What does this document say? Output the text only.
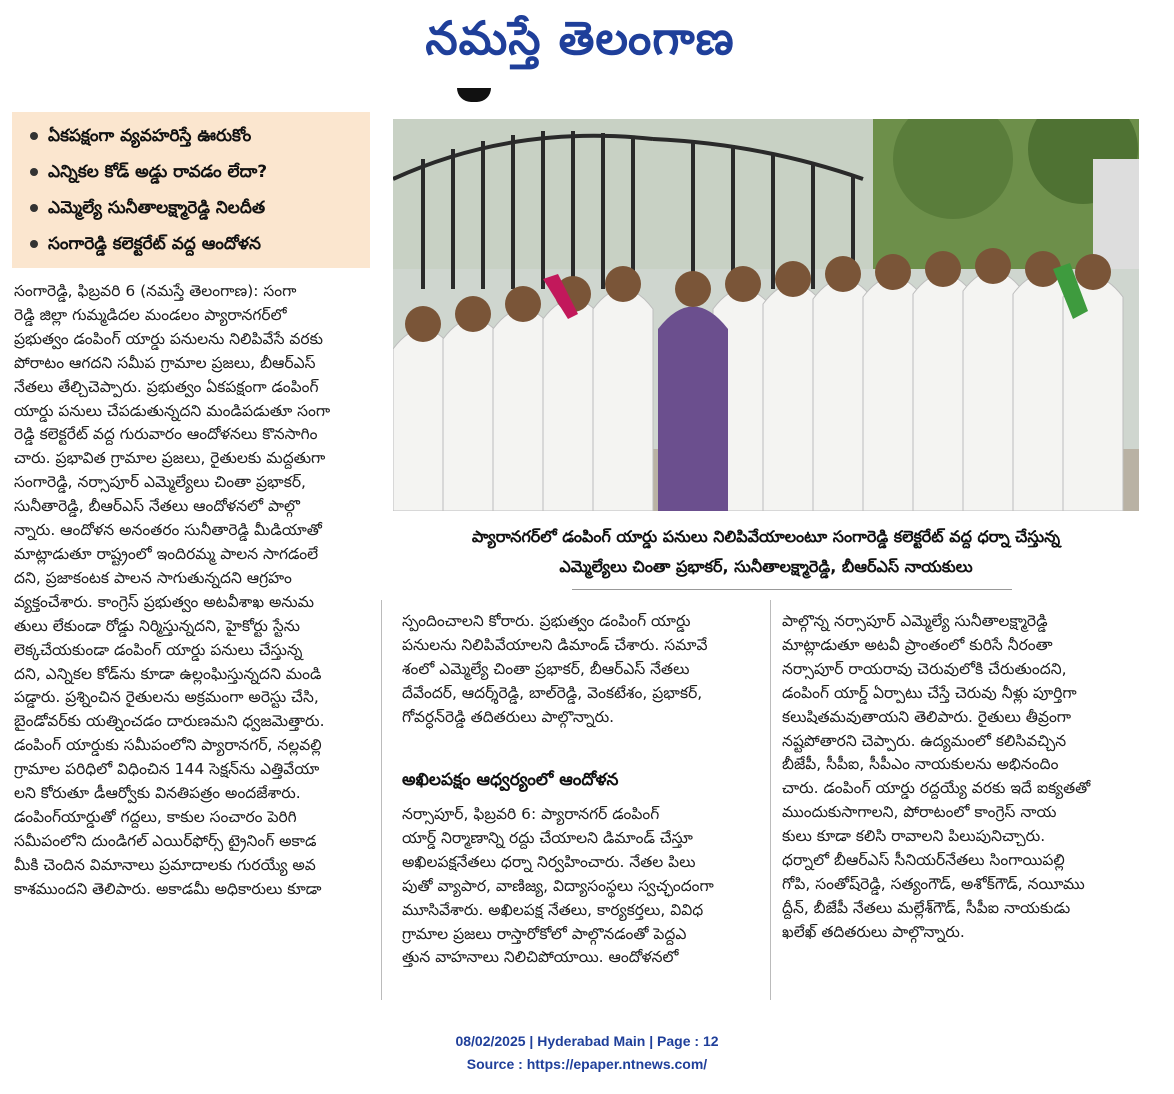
నమస్తే తెలంగాణ
ఏకపక్షంగా వ్యవహరిస్తే ఊరుకోం
ఎన్నికల కోడ్ అడ్డు రావడం లేదా?
ఎమ్మెల్యే సునీతాలక్ష్మారెడ్డి నిలదీత
సంగారెడ్డి కలెక్టరేట్ వద్ద ఆందోళన
ప్యారానగర్‌లో డంపింగ్ యార్డు పనులు నిలిపివేయాలంటూ సంగారెడ్డి కలెక్టరేట్ వద్ద ధర్నా చేస్తున్న
ఎమ్మెల్యేలు చింతా ప్రభాకర్, సునీతాలక్ష్మారెడ్డి, బీఆర్‌ఎస్ నాయకులు

సంగారెడ్డి, ఫిబ్రవరి 6 (నమస్తే తెలంగాణ): సంగా

రెడ్డి జిల్లా గుమ్మడిదల మండలం ప్యారానగర్‌లో

ప్రభుత్వం డంపింగ్ యార్డు పనులను నిలిపివేసే వరకు

పోరాటం ఆగదని సమీప గ్రామాల ప్రజలు, బీఆర్‌ఎస్

నేతలు తేల్చిచెప్పారు. ప్రభుత్వం ఏకపక్షంగా డంపింగ్

యార్డు పనులు చేపడుతున్నదని మండిపడుతూ సంగా

రెడ్డి కలెక్టరేట్ వద్ద గురువారం ఆందోళనలు కొనసాగిం

చారు. ప్రభావిత గ్రామాల ప్రజలు, రైతులకు మద్దతుగా

సంగారెడ్డి, నర్సాపూర్ ఎమ్మెల్యేలు చింతా ప్రభాకర్,

సునీతారెడ్డి, బీఆర్‌ఎస్ నేతలు ఆందోళనలో పాల్గొ

న్నారు. ఆందోళన అనంతరం సునీతారెడ్డి మీడియాతో

మాట్లాడుతూ రాష్ట్రంలో ఇందిరమ్మ పాలన సాగడంలే

దని, ప్రజాకంటక పాలన సాగుతున్నదని ఆగ్రహం

వ్యక్తంచేశారు. కాంగ్రెస్ ప్రభుత్వం అటవీశాఖ అనుమ

తులు లేకుండా రోడ్డు నిర్మిస్తున్నదని, హైకోర్టు స్టేను

లెక్కచేయకుండా డంపింగ్ యార్డు పనులు చేస్తున్న

దని, ఎన్నికల కోడ్‌ను కూడా ఉల్లంఘిస్తున్నదని మండి

పడ్డారు. ప్రశ్నించిన రైతులను అక్రమంగా అరెస్టు చేసి,

బైండోవర్‌కు యత్నించడం దారుణమని ధ్వజమెత్తారు.

డంపింగ్ యార్డుకు సమీపంలోని ప్యారానగర్, నల్లవల్లి

గ్రామాల పరిధిలో విధించిన 144 సెక్షన్‌ను ఎత్తివేయా

లని కోరుతూ డీఆర్వోకు వినతిపత్రం అందజేశారు.

డంపింగ్‌యార్డుతో గద్దలు, కాకుల సంచారం పెరిగి

సమీపంలోని దుండిగల్ ఎయిర్‌ఫోర్స్ ట్రైనింగ్ అకాడ

మీకి చెందిన విమానాలు ప్రమాదాలకు గురయ్యే అవ

కాశముందని తెలిపారు. అకాడమీ అధికారులు కూడా

స్పందించాలని కోరారు. ప్రభుత్వం డంపింగ్ యార్డు

పనులను నిలిపివేయాలని డిమాండ్ చేశారు. సమావే

శంలో ఎమ్మెల్యే చింతా ప్రభాకర్, బీఆర్‌ఎస్ నేతలు

దేవేందర్, ఆదర్శ్‌రెడ్డి, బాల్‌రెడ్డి, వెంకటేశం, ప్రభాకర్,

గోవర్ధన్‌రెడ్డి తదితరులు పాల్గొన్నారు.

అఖిలపక్షం ఆధ్వర్యంలో ఆందోళన

నర్సాపూర్, ఫిబ్రవరి 6: ప్యారానగర్ డంపింగ్

యార్డ్ నిర్మాణాన్ని రద్దు చేయాలని డిమాండ్ చేస్తూ

అఖిలపక్షనేతలు ధర్నా నిర్వహించారు. నేతల పిలు

పుతో వ్యాపార, వాణిజ్య, విద్యాసంస్థలు స్వచ్ఛందంగా

మూసివేశారు. అఖిలపక్ష నేతలు, కార్యకర్తలు, వివిధ

గ్రామాల ప్రజలు రాస్తారోకోలో పాల్గొనడంతో పెద్దఎ

త్తున వాహనాలు నిలిచిపోయాయి. ఆందోళనలో

పాల్గొన్న నర్సాపూర్ ఎమ్మెల్యే సునీతాలక్ష్మారెడ్డి

మాట్లాడుతూ అటవీ ప్రాంతంలో కురిసే నీరంతా

నర్సాపూర్ రాయరావు చెరువులోకి చేరుతుందని,

డంపింగ్ యార్డ్ ఏర్పాటు చేస్తే చెరువు నీళ్లు పూర్తిగా

కలుషితమవుతాయని తెలిపారు. రైతులు తీవ్రంగా

నష్టపోతారని చెప్పారు. ఉద్యమంలో కలిసివచ్చిన

బీజేపీ, సీపీఐ, సీపీఎం నాయకులను అభినందిం

చారు. డంపింగ్ యార్డు రద్దయ్యే వరకు ఇదే ఐక్యతతో

ముందుకుసాగాలని, పోరాటంలో కాంగ్రెస్ నాయ

కులు కూడా కలిసి రావాలని పిలుపునిచ్చారు.

ధర్నాలో బీఆర్‌ఎస్ సీనియర్‌నేతలు సింగాయిపల్లి

గోపి, సంతోష్‌రెడ్డి, సత్యంగౌడ్, అశోక్‌గౌడ్, నయీము

ద్దీన్, బీజేపీ నేతలు మల్లేశ్‌గౌడ్, సీపీఐ నాయకుడు

ఖలేఖ్ తదితరులు పాల్గొన్నారు.

08/02/2025 | Hyderabad Main | Page : 12
Source : https://epaper.ntnews.com/
